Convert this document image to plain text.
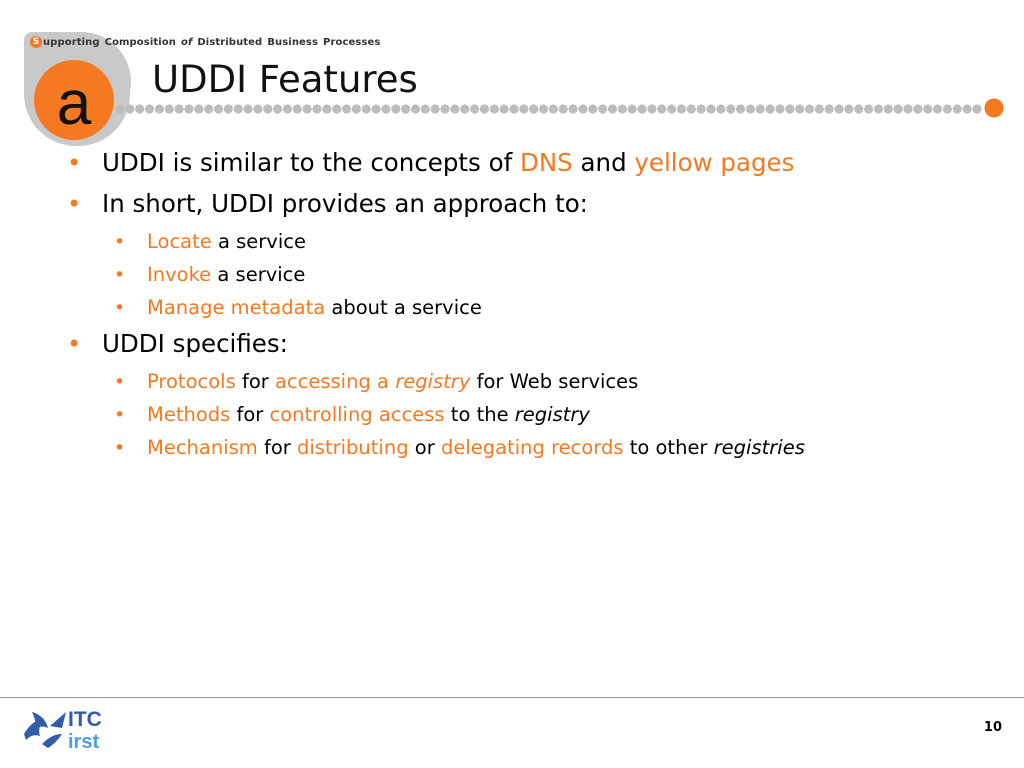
a
S upporting Composition of Distributed Business Processes
UDDI Features
• UDDI is similar to the concepts of DNS and yellow pages
• In short, UDDI provides an approach to:
• Locate a service
• Invoke a service
• Manage metadata about a service
• UDDI specifies:
• Protocols for accessing a registry for Web services
• Methods for controlling access to the registry
• Mechanism for distributing or delegating records to other registries
ITC
irst
10
